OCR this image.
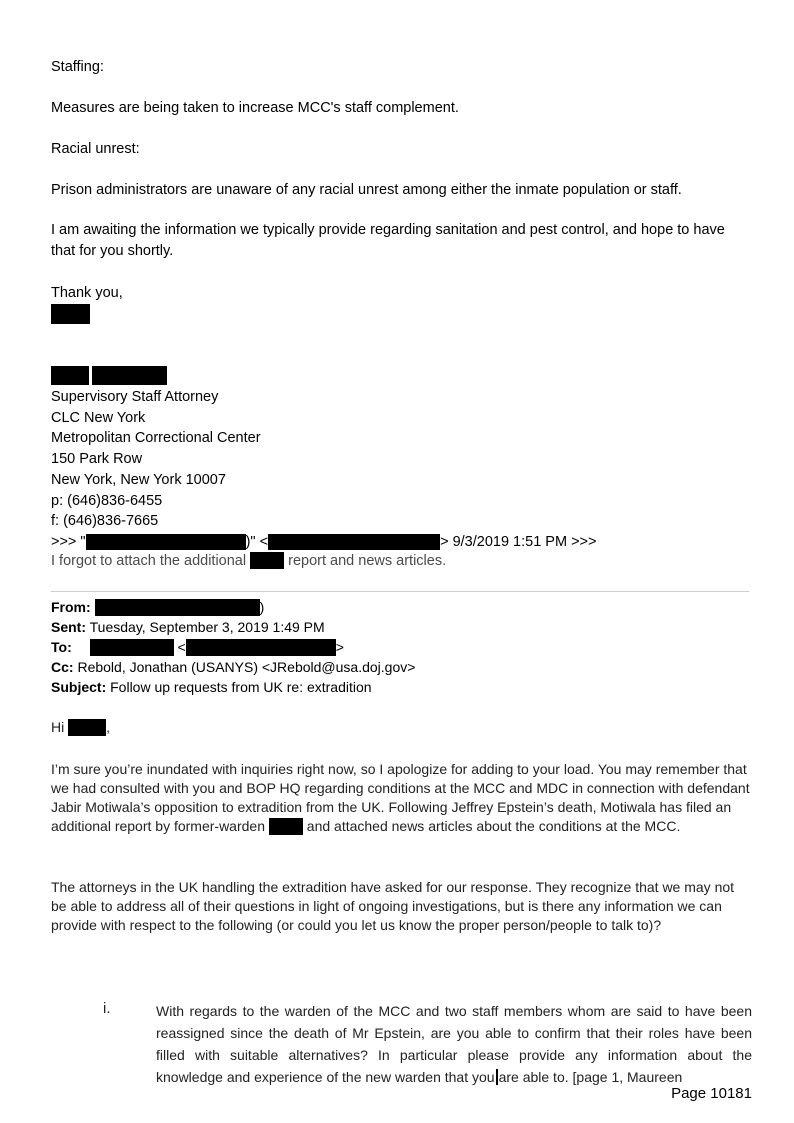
Staffing:
Measures are being taken to increase MCC's staff complement.
Racial unrest:
Prison administrators are unaware of any racial unrest among either the inmate population or staff.
I am awaiting the information we typically provide regarding sanitation and pest control, and hope to have that for you shortly.
Thank you,
Supervisory Staff Attorney
CLC New York
Metropolitan Correctional Center
150 Park Row
New York, New York 10007
p: (646)836-6455
f: (646)836-7665
>>> "	)" <	> 9/3/2019 1:51 PM >>>
I forgot to attach the additional	report and news articles.
From:	)
Sent: Tuesday, September 3, 2019 1:49 PM
To:	<	>
Cc: Rebold, Jonathan (USANYS) <JRebold@usa.doj.gov>
Subject: Follow up requests from UK re: extradition
Hi	,
I’m sure you’re inundated with inquiries right now, so I apologize for adding to your load. You may remember that we had consulted with you and BOP HQ regarding conditions at the MCC and MDC in connection with defendant Jabir Motiwala’s opposition to extradition from the UK. Following Jeffrey Epstein’s death, Motiwala has filed an additional report by former-warden	and attached news articles about the conditions at the MCC.
The attorneys in the UK handling the extradition have asked for our response. They recognize that we may not be able to address all of their questions in light of ongoing investigations, but is there any information we can provide with respect to the following (or could you let us know the proper person/people to talk to)?
i.	With regards to the warden of the MCC and two staff members whom are said to have been reassigned since the death of Mr Epstein, are you able to confirm that their roles have been filled with suitable alternatives? In particular please provide any information about the knowledge and experience of the new warden that you are able to. [page 1, Maureen
Page 10181
